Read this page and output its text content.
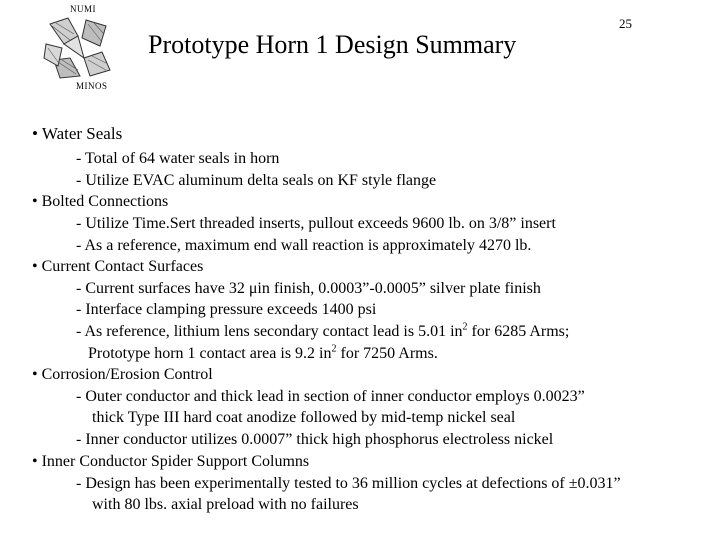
NUMI
MINOS
Prototype Horn 1 Design Summary
25
• Water Seals
- Total of 64 water seals in horn
- Utilize EVAC aluminum delta seals on KF style flange
• Bolted Connections
- Utilize Time.Sert threaded inserts, pullout exceeds 9600 lb. on 3/8” insert
- As a reference, maximum end wall reaction is approximately 4270 lb.
• Current Contact Surfaces
- Current surfaces have 32 μin finish, 0.0003”-0.0005” silver plate finish
- Interface clamping pressure exceeds 1400 psi
- As reference, lithium lens secondary contact lead is 5.01 $in^2$ for 6285 Arms;
Prototype horn 1 contact area is 9.2 $in^2$ for 7250 Arms.
• Corrosion/Erosion Control
- Outer conductor and thick lead in section of inner conductor employs 0.0023”
thick Type III hard coat anodize followed by mid-temp nickel seal
- Inner conductor utilizes 0.0007” thick high phosphorus electroless nickel
• Inner Conductor Spider Support Columns
- Design has been experimentally tested to 36 million cycles at defections of ±0.031”
with 80 lbs. axial preload with no failures
